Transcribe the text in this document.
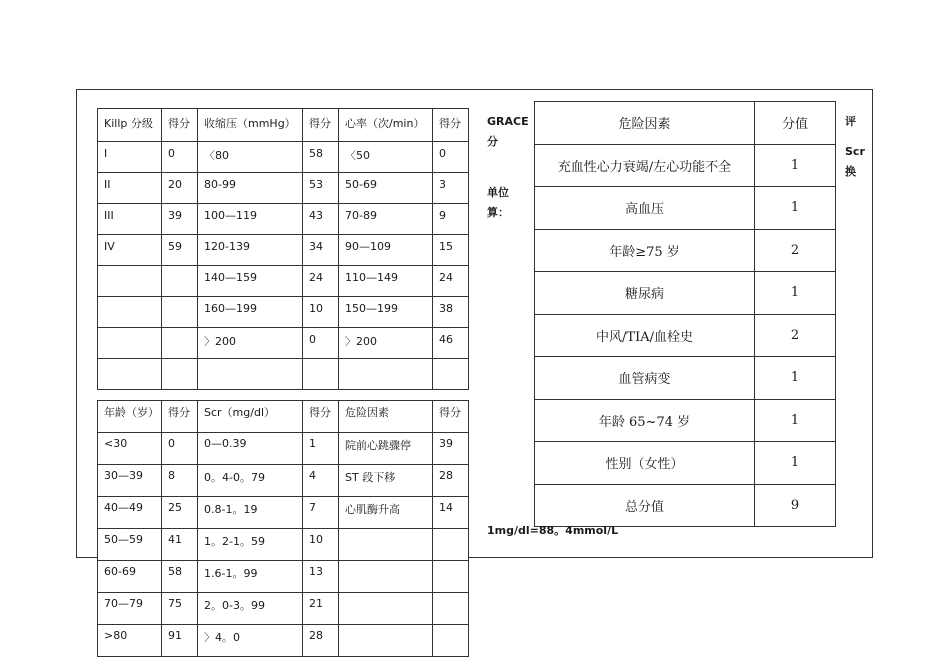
Killp 分级	得分	收缩压（mmHg）	得分	心率（次/min）	得分
I	0	〈80	58	〈50	0
II	20	80-99	53	50-69	3
III	39	100—119	43	70-89	9
IV	59	120-139	34	90—109	15
		140—159	24	110—149	24
		160—199	10	150—199	38
		〉200	0	〉200	46

年龄（岁）	得分	Scr（mg/dl）	得分	危险因素	得分
<30	0	0—0.39	1	院前心跳骤停	39
30—39	8	0。4-0。79	4	ST 段下移	28
40—49	25	0.8-1。19	7	心肌酶升高	14
50—59	41	1。2-1。59	10		
60-69	58	1.6-1。99	13		
70—79	75	2。0-3。99	21		
>80	91	〉4。0	28		
危险因素	分值
充血性心力衰竭/左心功能不全	1
高血压	1
年龄≥75 岁	2
糖尿病	1
中风/TIA/血栓史	2
血管病变	1
年龄 65~74 岁	1
性别（女性）	1
总分值	9
GRACE
分
单位
算：
评
Scr
换
1mg/dl=88。4mmol/L
